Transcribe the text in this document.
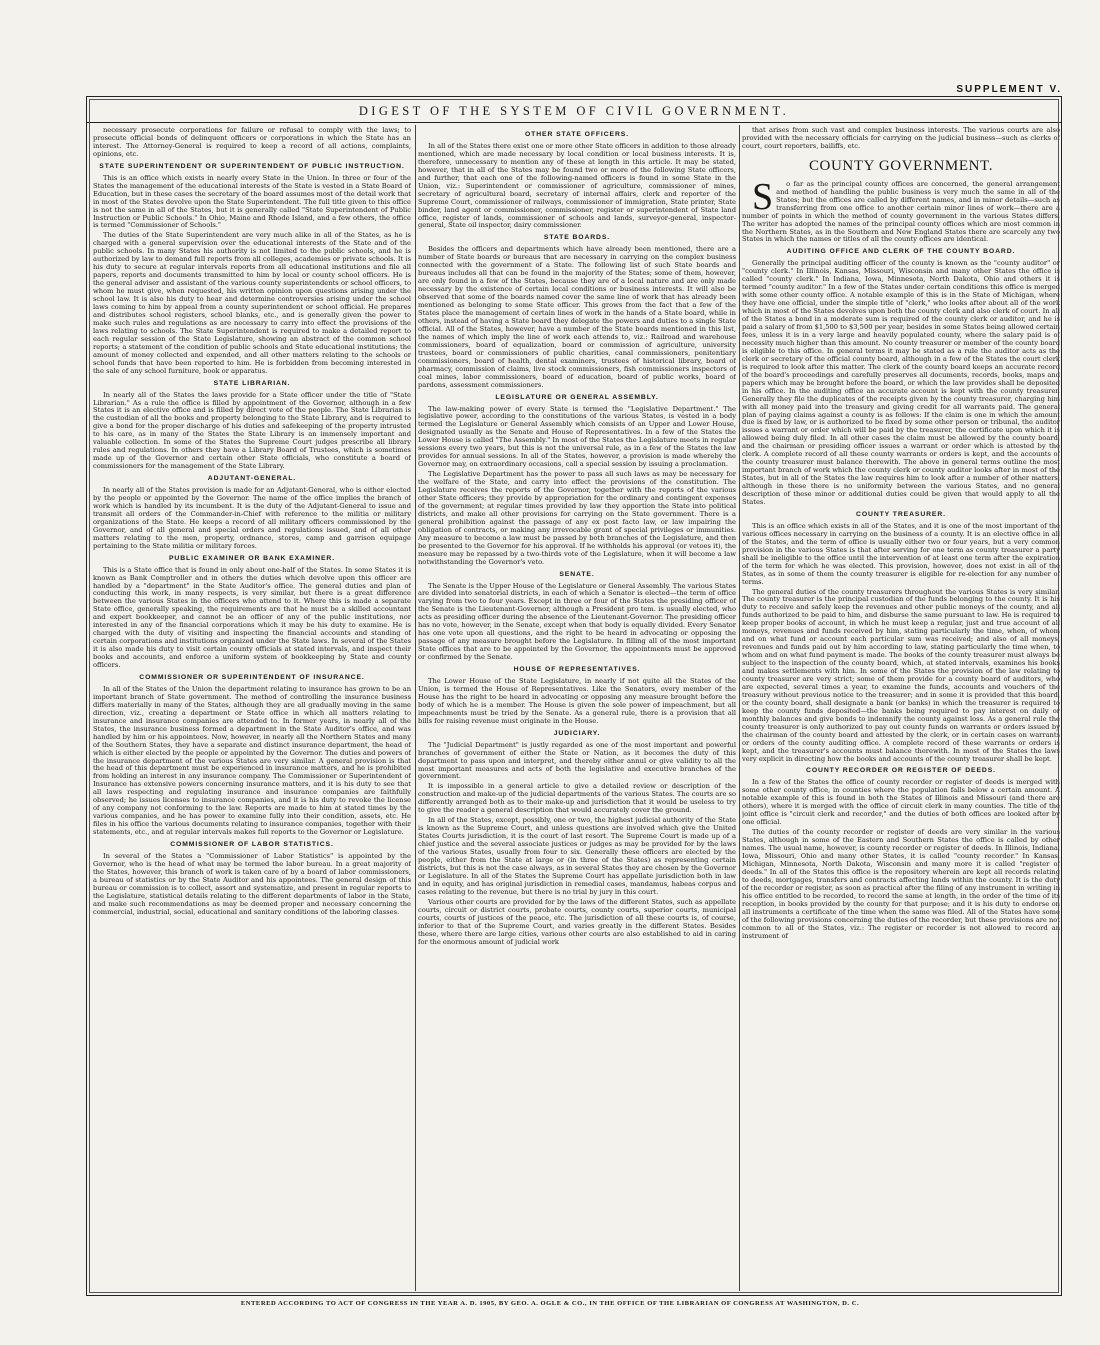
SUPPLEMENT V.
DIGEST OF THE SYSTEM OF CIVIL GOVERNMENT.

necessary prosecute corporations for failure or refusal to comply with the laws; to prosecute official bonds of delinquent officers or corporations in which the State has an interest. The Attorney-General is required to keep a record of all actions, complaints, opinions, etc.

STATE SUPERINTENDENT OR SUPERINTENDENT OF PUBLIC INSTRUCTION.

This is an office which exists in nearly every State in the Union. In three or four of the States the management of the educational interests of the State is vested in a State Board of Education, but in these cases the secretary of the board assumes most of the detail work that in most of the States devolve upon the State Superintendent. The full title given to this office is not the same in all of the States, but it is generally called "State Superintendent of Public Instruction or Public Schools." In Ohio, Maine and Rhode Island, and a few others, the office is termed "Commissioner of Schools."

The duties of the State Superintendent are very much alike in all of the States, as he is charged with a general supervision over the educational interests of the State and of the public schools. In many States his authority is not limited to the public schools, and he is authorized by law to demand full reports from all colleges, academies or private schools. It is his duty to secure at regular intervals reports from all educational institutions and file all papers, reports and documents transmitted to him by local or county school officers. He is the general adviser and assistant of the various county superintendents or school officers, to whom he must give, when requested, his written opinion upon questions arising under the school law. It is also his duty to hear and determine controversies arising under the school laws coming to him by appeal from a county superintendent or school official. He prepares and distributes school registers, school blanks, etc., and is generally given the power to make such rules and regulations as are necessary to carry into effect the provisions of the laws relating to schools. The State Superintendent is required to make a detailed report to each regular session of the State Legislature, showing an abstract of the common school reports; a statement of the condition of public schools and State educational institutions; the amount of money collected and expended, and all other matters relating to the schools or school funds that have been reported to him. He is forbidden from becoming interested in the sale of any school furniture, book or apparatus.

STATE LIBRARIAN.

In nearly all of the States the laws provide for a State officer under the title of "State Librarian." As a rule the office is filled by appointment of the Governor, although in a few States it is an elective office and is filled by direct vote of the people. The State Librarian is the custodian of all the books and property belonging to the State Library, and is required to give a bond for the proper discharge of his duties and safekeeping of the property intrusted to his care, as in many of the States the State Library is an immensely important and valuable collection. In some of the States the Supreme Court judges prescribe all library rules and regulations. In others they have a Library Board of Trustees, which is sometimes made up of the Governor and certain other State officials, who constitute a board of commissioners for the management of the State Library.

ADJUTANT-GENERAL.

In nearly all of the States provision is made for an Adjutant-General, who is either elected by the people or appointed by the Governor. The name of the office implies the branch of work which is handled by its incumbent. It is the duty of the Adjutant-General to issue and transmit all orders of the Commander-in-Chief with reference to the militia or military organizations of the State. He keeps a record of all military officers commissioned by the Governor, and of all general and special orders and regulations issued, and of all other matters relating to the men, property, ordnance, stores, camp and garrison equipage pertaining to the State militia or military forces.

PUBLIC EXAMINER OR BANK EXAMINER.

This is a State office that is found in only about one-half of the States. In some States it is known as Bank Comptroller and in others the duties which devolve upon this officer are handled by a "department" in the State Auditor's office. The general duties and plan of conducting this work, in many respects, is very similar, but there is a great difference between the various States in the officers who attend to it. Where this is made a separate State office, generally speaking, the requirements are that he must be a skilled accountant and expert bookkeeper, and cannot be an officer of any of the public institutions, nor interested in any of the financial corporations which it may be his duty to examine. He is charged with the duty of visiting and inspecting the financial accounts and standing of certain corporations and institutions organized under the State laws. In several of the States it is also made his duty to visit certain county officials at stated intervals, and inspect their books and accounts, and enforce a uniform system of bookkeeping by State and county officers.

COMMISSIONER OR SUPERINTENDENT OF INSURANCE.

In all of the States of the Union the department relating to insurance has grown to be an important branch of State government. The method of controlling the insurance business differs materially in many of the States, although they are all gradually moving in the same direction, viz., creating a department or State office in which all matters relating to insurance and insurance companies are attended to. In former years, in nearly all of the States, the insurance business formed a department in the State Auditor's office, and was handled by him or his appointees. Now, however, in nearly all the Northern States and many of the Southern States, they have a separate and distinct insurance department, the head of which is either elected by the people or appointed by the Governor. The duties and powers of the insurance department of the various States are very similar. A general provision is that the head of this department must be experienced in insurance matters, and he is prohibited from holding an interest in any insurance company. The Commissioner or Superintendent of Insurance has extensive powers concerning insurance matters, and it is his duty to see that all laws respecting and regulating insurance and insurance companies are faithfully observed; he issues licenses to insurance companies, and it is his duty to revoke the license of any company not conforming to the law. Reports are made to him at stated times by the various companies, and he has power to examine fully into their condition, assets, etc. He files in his office the various documents relating to insurance companies, together with their statements, etc., and at regular intervals makes full reports to the Governor or Legislature.

COMMISSIONER OF LABOR STATISTICS.

In several of the States a "Commissioner of Labor Statistics" is appointed by the Governor, who is the head of what may be termed the labor bureau. In a great majority of the States, however, this branch of work is taken care of by a board of labor commissioners, a bureau of statistics or by the State Auditor and his appointees. The general design of this bureau or commission is to collect, assort and systematize, and present in regular reports to the Legislature, statistical details relating to the different departments of labor in the State, and make such recommendations as may be deemed proper and necessary concerning the commercial, industrial, social, educational and sanitary conditions of the laboring classes.

OTHER STATE OFFICERS.

In all of the States there exist one or more other State officers in addition to those already mentioned, which are made necessary by local condition or local business interests. It is, therefore, unnecessary to mention any of these at length in this article. It may be stated, however, that in all of the States may be found two or more of the following State officers, and further, that each one of the following-named officers is found in some State in the Union, viz.: Superintendent or commissioner of agriculture, commissioner of mines, secretary of agricultural board, secretary of internal affairs, clerk and reporter of the Supreme Court, commissioner of railways, commissioner of immigration, State printer, State binder, land agent or commissioner, commissioner, register or superintendent of State land office, register of lands, commissioner of schools and lands, surveyor-general, inspector-general, State oil inspector, dairy commissioner.

STATE BOARDS.

Besides the officers and departments which have already been mentioned, there are a number of State boards or bureaus that are necessary in carrying on the complex business connected with the government of a State. The following list of such State boards and bureaus includes all that can be found in the majority of the States; some of them, however, are only found in a few of the States, because they are of a local nature and are only made necessary by the existence of certain local conditions or business interests. It will also be observed that some of the boards named cover the same line of work that has already been mentioned as belonging to some State officer. This grows from the fact that a few of the States place the management of certain lines of work in the hands of a State board, while in others, instead of having a State board they delegate the powers and duties to a single State official. All of the States, however, have a number of the State boards mentioned in this list, the names of which imply the line of work each attends to, viz.: Railroad and warehouse commissioners, board of equalization, board or commission of agriculture, university trustees, board or commissioners of public charities, canal commissioners, penitentiary commissioners, board of health, dental examiners, trustees of historical library, board of pharmacy, commission of claims, live stock commissioners, fish commissioners inspectors of coal mines, labor commissioners, board of education, board of public works, board of pardons, assessment commissioners.

LEGISLATURE OR GENERAL ASSEMBLY.

The law-making power of every State is termed the "Legislative Department." The legislative power, according to the constitutions of the various States, is vested in a body termed the Legislature or General Assembly which consists of an Upper and Lower House, designated usually as the Senate and House of Representatives. In a few of the States the Lower House is called "The Assembly." In most of the States the Legislature meets in regular sessions every two years, but this is not the universal rule, as in a few of the States the law provides for annual sessions. In all of the States, however, a provision is made whereby the Governor may, on extraordinary occasions, call a special session by issuing a proclamation.

The Legislative Department has the power to pass all such laws as may be necessary for the welfare of the State, and carry into effect the provisions of the constitution. The Legislature receives the reports of the Governor, together with the reports of the various other State officers; they provide by appropriation for the ordinary and contingent expenses of the government; at regular times provided by law they apportion the State into political districts, and make all other provisions for carrying on the State government. There is a general prohibition against the passage of any ex post facto law, or law impairing the obligation of contracts, or making any irrevocable grant of special privileges or immunities. Any measure to become a law must be passed by both branches of the Legislature, and then be presented to the Governor for his approval. If he withholds his approval (or vetoes it), the measure may be repassed by a two-thirds vote of the Legislature, when it will become a law notwithstanding the Governor's veto.

SENATE.

The Senate is the Upper House of the Legislature or General Assembly. The various States are divided into senatorial districts, in each of which a Senator is elected—the term of office varying from two to four years. Except in three or four of the States the presiding officer of the Senate is the Lieutenant-Governor, although a President pro tem. is usually elected, who acts as presiding officer during the absence of the Lieutenant-Governor. The presiding officer has no vote, however, in the Senate, except when that body is equally divided. Every Senator has one vote upon all questions, and the right to be heard in advocating or opposing the passage of any measure brought before the Legislature. In filling all of the most important State offices that are to be appointed by the Governor, the appointments must be approved or confirmed by the Senate.

HOUSE OF REPRESENTATIVES.

The Lower House of the State Legislature, in nearly if not quite all the States of the Union, is termed the House of Representatives. Like the Senators, every member of the House has the right to be heard in advocating or opposing any measure brought before the body of which he is a member. The House is given the sole power of impeachment, but all impeachments must be tried by the Senate. As a general rule, there is a provision that all bills for raising revenue must originate in the House.

JUDICIARY.

The "Judicial Department" is justly regarded as one of the most important and powerful branches of government of either the State or Nation, as it becomes the duty of this department to pass upon and interpret, and thereby either annul or give validity to all the most important measures and acts of both the legislative and executive branches of the government.

It is impossible in a general article to give a detailed review or description of the construction and make-up of the judicial departments of the various States. The courts are so differently arranged both as to their make-up and jurisdiction that it would be useless to try to give the reader a general description that would accurately cover the ground.

In all of the States, except, possibly, one or two, the highest judicial authority of the State is known as the Supreme Court, and unless questions are involved which give the United States Courts jurisdiction, it is the court of last resort. The Supreme Court is made up of a chief justice and the several associate justices or judges as may be provided for by the laws of the various States, usually from four to six. Generally these officers are elected by the people, either from the State at large or (in three of the States) as representing certain districts, but this is not the case always, as in several States they are chosen by the Governor or Legislature. In all of the States the Supreme Court has appellate jurisdiction both in law and in equity, and has original jurisdiction in remedial cases, mandamus, habeas corpus and cases relating to the revenue, but there is no trial by jury in this court.

Various other courts are provided for by the laws of the different States, such as appellate courts, circuit or district courts, probate courts, county courts, superior courts, municipal courts, courts of justices of the peace, etc. The jurisdiction of all these courts is, of course, inferior to that of the Supreme Court, and varies greatly in the different States. Besides these, where there are large cities, various other courts are also established to aid in caring for the enormous amount of judicial work

that arises from such vast and complex business interests. The various courts are also provided with the necessary officials for carrying on the judicial business—such as clerks of court, court reporters, bailiffs, etc.

COUNTY GOVERNMENT.

So far as the principal county offices are concerned, the general arrangement and method of handling the public business is very much the same in all of the States; but the offices are called by different names, and in minor details—such as transferring from one office to another certain minor lines of work—there are a number of points in which the method of county government in the various States differs. The writer has adopted the names of the principal county offices which are most common in the Northern States, as in the Southern and New England States there are scarcely any two States in which the names or titles of all the county offices are identical.

AUDITING OFFICE AND CLERK OF THE COUNTY BOARD.

Generally the principal auditing officer of the county is known as the "county auditor" or "county clerk." In Illinois, Kansas, Missouri, Wisconsin and many other States the office is called "county clerk." In Indiana, Iowa, Minnesota, North Dakota, Ohio and others it is termed "county auditor." In a few of the States under certain conditions this office is merged with some other county office. A notable example of this is in the State of Michigan, where they have one official, under the simple title of "clerk," who looks after about all of the work which in most of the States devolves upon both the county clerk and also clerk of court. In all of the States a bond in a moderate sum is required of the county clerk or auditor, and he is paid a salary of from $1,500 to $3,500 per year, besides in some States being allowed certain fees, unless it is in a very large and heavily populated county, where the salary paid is of necessity much higher than this amount. No county treasurer or member of the county board is eligible to this office. In general terms it may be stated as a rule the auditor acts as the clerk or secretary of the official county board, although in a few of the States the court clerk is required to look after this matter. The clerk of the county board keeps an accurate record of the board's proceedings and carefully preserves all documents, records, books, maps and papers which may be brought before the board, or which the law provides shall be deposited in his office. In the auditing office an accurate account is kept with the county treasurer. Generally they file the duplicates of the receipts given by the county treasurer, charging him with all money paid into the treasury and giving credit for all warrants paid. The general plan of paying claims against a county is as follows: If the claim is one in which the amount due is fixed by law, or is authorized to be fixed by some other person or tribunal, the auditor issues a warrant or order which will be paid by the treasurer, the certificate upon which it is allowed being duly filed. In all other cases the claim must be allowed by the county board, and the chairman or presiding officer issues a warrant or order which is attested by the clerk. A complete record of all these county warrants or orders is kept, and the accounts of the county treasurer must balance therewith. The above in general terms outline the most important branch of work which the county clerk or county auditor looks after in most of the States, but in all of the States the law requires him to look after a number of other matters, although in these there is no uniformity between the various States, and no general description of these minor or additional duties could be given that would apply to all the States.

COUNTY TREASURER.

This is an office which exists in all of the States, and it is one of the most important of the various offices necessary in carrying on the business of a county. It is an elective office in all of the States, and the term of office is usually either two or four years, but a very common provision in the various States is that after serving for one term as county treasurer a party shall be ineligible to the office until the intervention of at least one term after the expiration of the term for which he was elected. This provision, however, does not exist in all of the States, as in some of them the county treasurer is eligible for re-election for any number of terms.

The general duties of the county treasurers throughout the various States is very similar. The county treasurer is the principal custodian of the funds belonging to the county. It is his duty to receive and safely keep the revenues and other public moneys of the county, and all funds authorized to be paid to him, and disburse the same pursuant to law. He is required to keep proper books of account, in which he must keep a regular, just and true account of all moneys, revenues and funds received by him, stating particularly the time, when, of whom and on what fund or account each particular sum was received; and also of all moneys, revenues and funds paid out by him according to law, stating particularly the time when, to whom and on what fund payment is made. The books of the county treasurer must always be subject to the inspection of the county board, which, at stated intervals, examines his books and makes settlements with him. In some of the States the provision of the law relating to county treasurer are very strict; some of them provide for a county board of auditors, who are expected, several times a year, to examine the funds, accounts and vouchers of the treasury without previous notice to the treasurer; and in some it is provided that this board, or the county board, shall designate a bank (or banks) in which the treasurer is required to keep the county funds deposited—the banks being required to pay interest on daily or monthly balances and give bonds to indemnify the county against loss. As a general rule the county treasurer is only authorized to pay out county funds on warrants or orders issued by the chairman of the county board and attested by the clerk, or in certain cases on warrants or orders of the county auditing office. A complete record of these warrants or orders is kept, and the treasurer's accounts must balance therewith. In most of the States the laws very explicit in directing how the books and accounts of the county treasurer shall be kept.

COUNTY RECORDER OR REGISTER OF DEEDS.

In a few of the States the office of county recorder or register of deeds is merged with some other county office, in counties where the population falls below a certain amount. A notable example of this is found in both the States of Illinois and Missouri (and there are others), where it is merged with the office of circuit clerk in many counties. The title of the joint office is "circuit clerk and recorder," and the duties of both offices are looked after by one official.

The duties of the county recorder or register of deeds are very similar in the various States, although in some of the Eastern and Southern States the office is called by other names. The usual name, however, is county recorder or register of deeds. In Illinois, Indiana, Iowa, Missouri, Ohio and many other States, it is called "county recorder." In Kansas, Michigan, Minnesota, North Dakota, Wisconsin and many more it is called "register of deeds." In all of the States this office is the repository wherein are kept all records relating to deeds, mortgages, transfers and contracts affecting lands within the county. It is the duty of the recorder or register, as soon as practical after the filing of any instrument in writing in his office entitled to be recorded, to record the same at length, in the order of the time of its reception, in books provided by the county for that purpose; and it is his duty to endorse on all instruments a certificate of the time when the same was filed. All of the States have some of the following provisions concerning the duties of the recorder, but these provisions are not common to all of the States, viz.: The register or recorder is not allowed to record an instrument of

ENTERED ACCORDING TO ACT OF CONGRESS IN THE YEAR A. D. 1905, BY GEO. A. OGLE & CO., IN THE OFFICE OF THE LIBRARIAN OF CONGRESS AT WASHINGTON, D. C.
